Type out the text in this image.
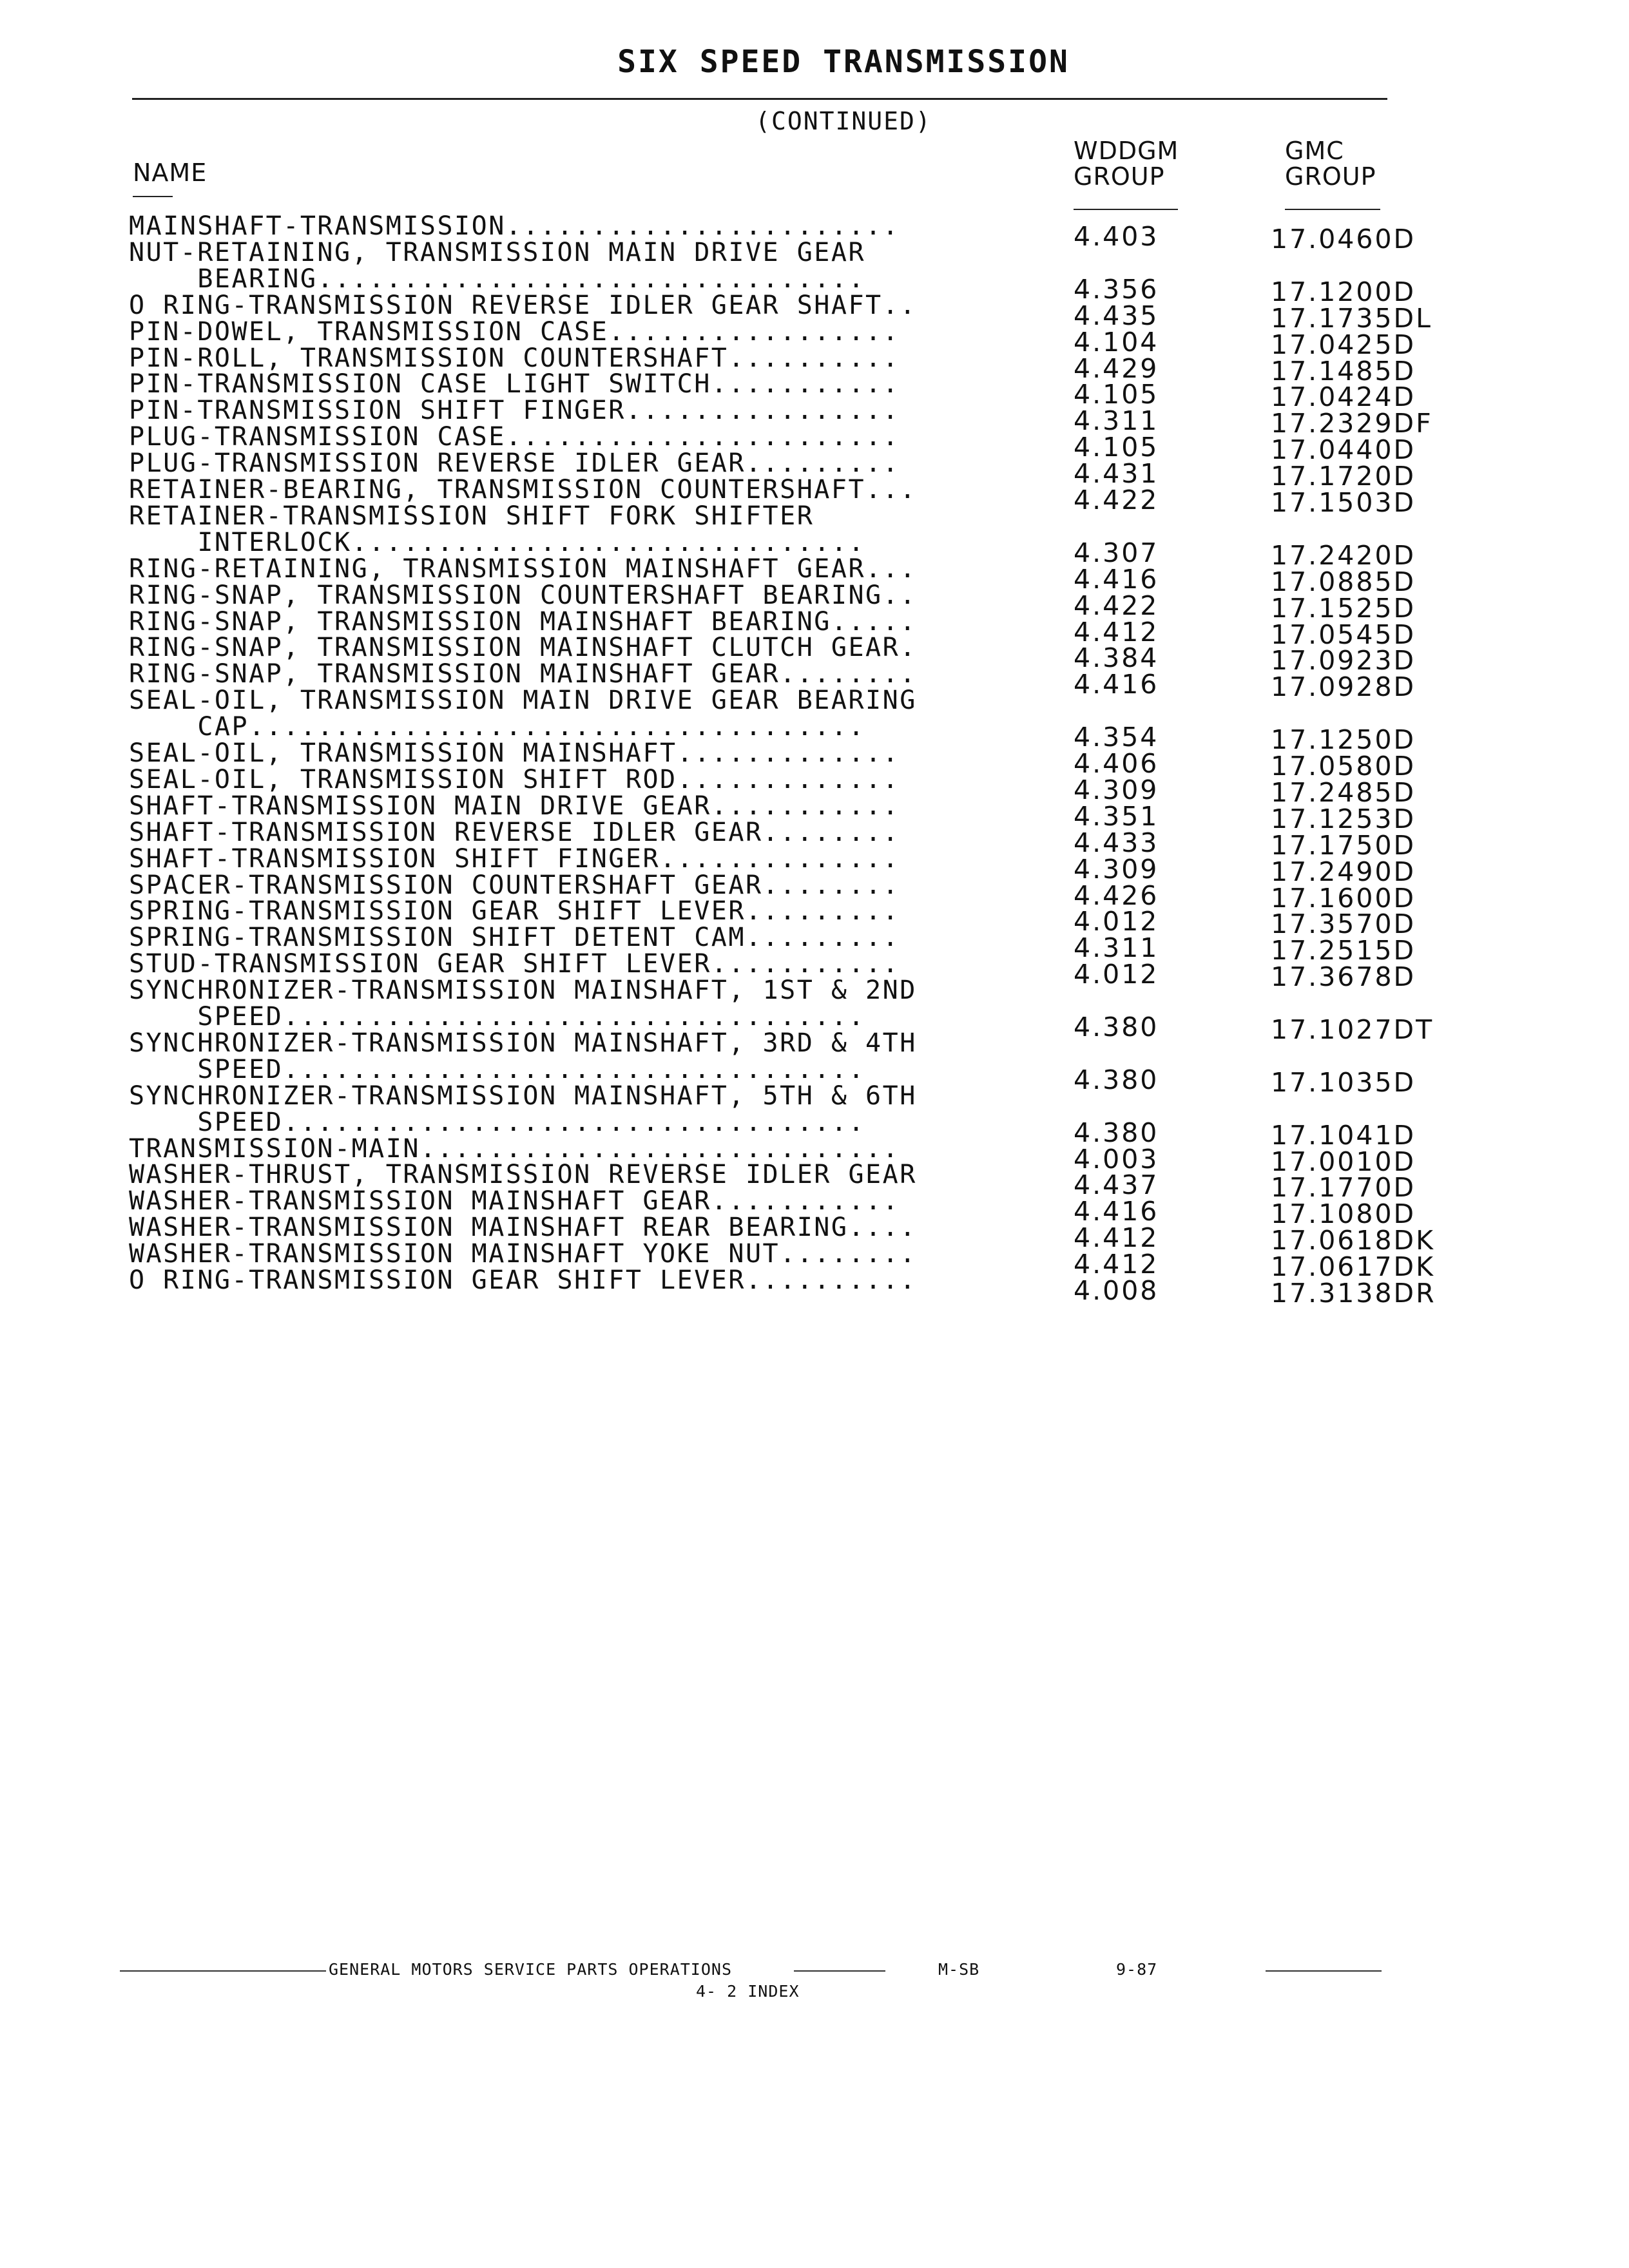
SIX SPEED TRANSMISSION
(CONTINUED)
NAME
WDDGM
GROUP
GMC
GROUP
MAINSHAFT-TRANSMISSION.......................	4.403	17.0460D
NUT-RETAINING, TRANSMISSION MAIN DRIVE GEAR
BEARING................................	4.356	17.1200D
O RING-TRANSMISSION REVERSE IDLER GEAR SHAFT..	4.435	17.1735DL
PIN-DOWEL, TRANSMISSION CASE.................	4.104	17.0425D
PIN-ROLL, TRANSMISSION COUNTERSHAFT..........	4.429	17.1485D
PIN-TRANSMISSION CASE LIGHT SWITCH...........	4.105	17.0424D
PIN-TRANSMISSION SHIFT FINGER................	4.311	17.2329DF
PLUG-TRANSMISSION CASE.......................	4.105	17.0440D
PLUG-TRANSMISSION REVERSE IDLER GEAR.........	4.431	17.1720D
RETAINER-BEARING, TRANSMISSION COUNTERSHAFT...	4.422	17.1503D
RETAINER-TRANSMISSION SHIFT FORK SHIFTER
INTERLOCK..............................	4.307	17.2420D
RING-RETAINING, TRANSMISSION MAINSHAFT GEAR...	4.416	17.0885D
RING-SNAP, TRANSMISSION COUNTERSHAFT BEARING..	4.422	17.1525D
RING-SNAP, TRANSMISSION MAINSHAFT BEARING.....	4.412	17.0545D
RING-SNAP, TRANSMISSION MAINSHAFT CLUTCH GEAR.	4.384	17.0923D
RING-SNAP, TRANSMISSION MAINSHAFT GEAR........	4.416	17.0928D
SEAL-OIL, TRANSMISSION MAIN DRIVE GEAR BEARING
CAP....................................	4.354	17.1250D
SEAL-OIL, TRANSMISSION MAINSHAFT.............	4.406	17.0580D
SEAL-OIL, TRANSMISSION SHIFT ROD.............	4.309	17.2485D
SHAFT-TRANSMISSION MAIN DRIVE GEAR...........	4.351	17.1253D
SHAFT-TRANSMISSION REVERSE IDLER GEAR........	4.433	17.1750D
SHAFT-TRANSMISSION SHIFT FINGER..............	4.309	17.2490D
SPACER-TRANSMISSION COUNTERSHAFT GEAR........	4.426	17.1600D
SPRING-TRANSMISSION GEAR SHIFT LEVER.........	4.012	17.3570D
SPRING-TRANSMISSION SHIFT DETENT CAM.........	4.311	17.2515D
STUD-TRANSMISSION GEAR SHIFT LEVER...........	4.012	17.3678D
SYNCHRONIZER-TRANSMISSION MAINSHAFT, 1ST & 2ND
SPEED..................................	4.380	17.1027DT
SYNCHRONIZER-TRANSMISSION MAINSHAFT, 3RD & 4TH
SPEED..................................	4.380	17.1035D
SYNCHRONIZER-TRANSMISSION MAINSHAFT, 5TH & 6TH
SPEED..................................	4.380	17.1041D
TRANSMISSION-MAIN............................	4.003	17.0010D
WASHER-THRUST, TRANSMISSION REVERSE IDLER GEAR	4.437	17.1770D
WASHER-TRANSMISSION MAINSHAFT GEAR...........	4.416	17.1080D
WASHER-TRANSMISSION MAINSHAFT REAR BEARING....	4.412	17.0618DK
WASHER-TRANSMISSION MAINSHAFT YOKE NUT........	4.412	17.0617DK
O RING-TRANSMISSION GEAR SHIFT LEVER..........	4.008	17.3138DR
GENERAL MOTORS SERVICE PARTS OPERATIONS
4- 2 INDEX
M-SB	9-87
